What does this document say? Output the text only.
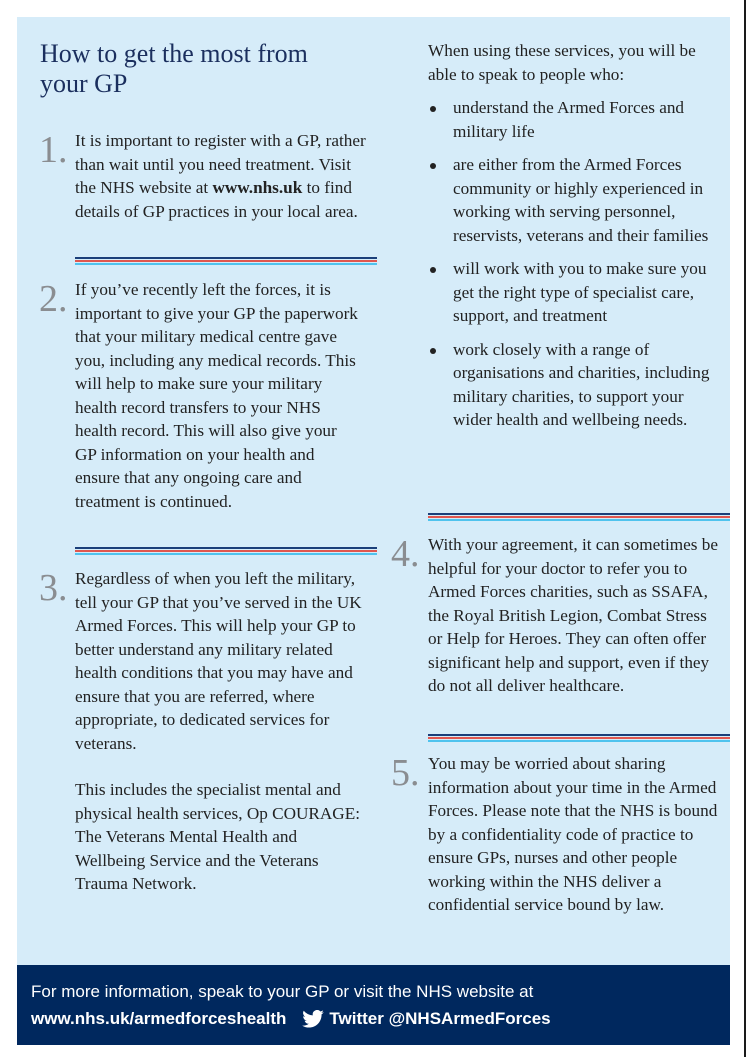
How to get the most from your GP
1. It is important to register with a GP, rather than wait until you need treatment. Visit the NHS website at www.nhs.uk to find details of GP practices in your local area.

2. If you’ve recently left the forces, it is important to give your GP the paperwork that your military medical centre gave you, including any medical records. This will help to make sure your military health record transfers to your NHS health record. This will also give your GP information on your health and ensure that any ongoing care and treatment is continued.

3. Regardless of when you left the military, tell your GP that you’ve served in the UK Armed Forces. This will help your GP to better understand any military related health conditions that you may have and ensure that you are referred, where appropriate, to dedicated services for veterans.

This includes the specialist mental and physical health services, Op COURAGE: The Veterans Mental Health and Wellbeing Service and the Veterans Trauma Network.

When using these services, you will be able to speak to people who:

understand the Armed Forces and military life
are either from the Armed Forces community or highly experienced in working with serving personnel, reservists, veterans and their families
will work with you to make sure you get the right type of specialist care, support, and treatment
work closely with a range of organisations and charities, including military charities, to support your wider health and wellbeing needs.
4. With your agreement, it can sometimes be helpful for your doctor to refer you to Armed Forces charities, such as SSAFA, the Royal British Legion, Combat Stress or Help for Heroes. They can often offer significant help and support, even if they do not all deliver healthcare.

5. You may be worried about sharing information about your time in the Armed Forces. Please note that the NHS is bound by a confidentiality code of practice to ensure GPs, nurses and other people working within the NHS deliver a confidential service bound by law.

For more information, speak to your GP or visit the NHS website at
www.nhs.uk/armedforceshealth	Twitter @NHSArmedForces
